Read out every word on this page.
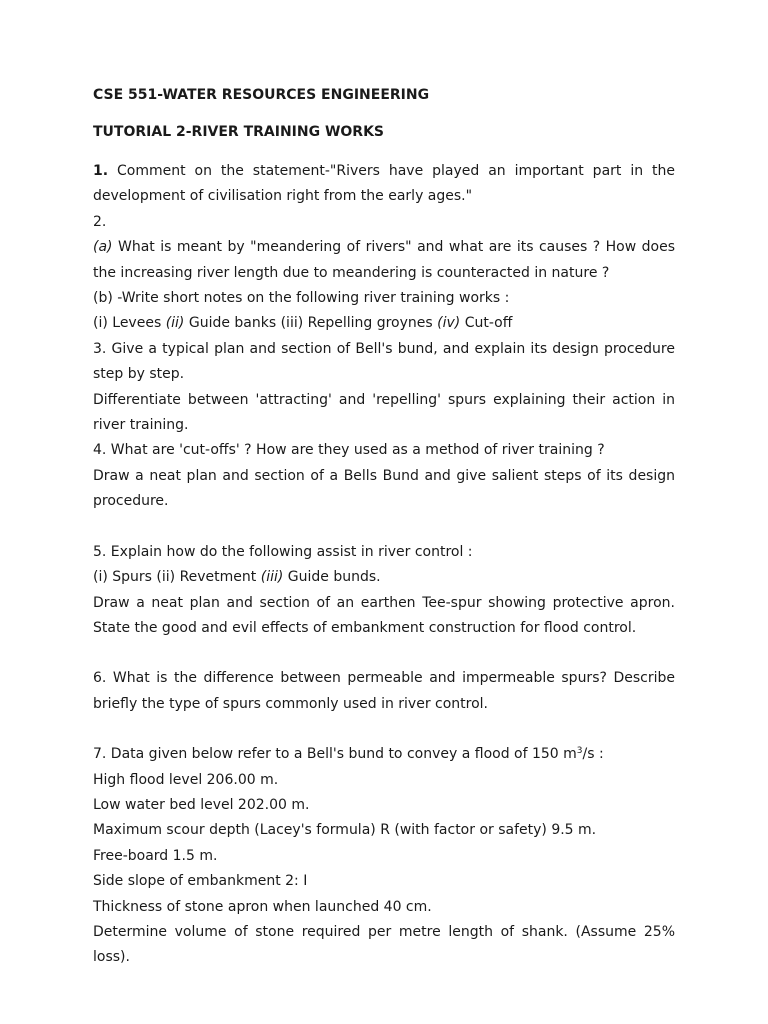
CSE 551-WATER RESOURCES ENGINEERING

TUTORIAL 2-RIVER TRAINING WORKS

1. Comment on the statement-"Rivers have played an important part in the development of civilisation right from the early ages."

2.

(a) What is meant by "meandering of rivers" and what are its causes ? How does the increasing river length due to meandering is counteracted in nature ?

(b) -Write short notes on the following river training works :

(i) Levees (ii) Guide banks (iii) Repelling groynes (iv) Cut-off

3. Give a typical plan and section of Bell's bund, and explain its design procedure step by step.

Differentiate between 'attracting' and 'repelling' spurs explaining their action in river training.

4. What are 'cut-offs' ? How are they used as a method of river training ?

Draw a neat plan and section of a Bells Bund and give salient steps of its design procedure.

5. Explain how do the following assist in river control :

(i) Spurs (ii) Revetment (iii) Guide bunds.

Draw a neat plan and section of an earthen Tee-spur showing protective apron. State the good and evil effects of embankment construction for flood control.

6. What is the difference between permeable and impermeable spurs? Describe briefly the type of spurs commonly used in river control.

7. Data given below refer to a Bell's bund to convey a flood of 150 $m^3/s$ :

High flood level 206.00 m.

Low water bed level 202.00 m.

Maximum scour depth (Lacey's formula) R (with factor or safety) 9.5 m.

Free-board 1.5 m.

Side slope of embankment 2: I

Thickness of stone apron when launched 40 cm.

Determine volume of stone required per metre length of shank. (Assume 25% loss).
